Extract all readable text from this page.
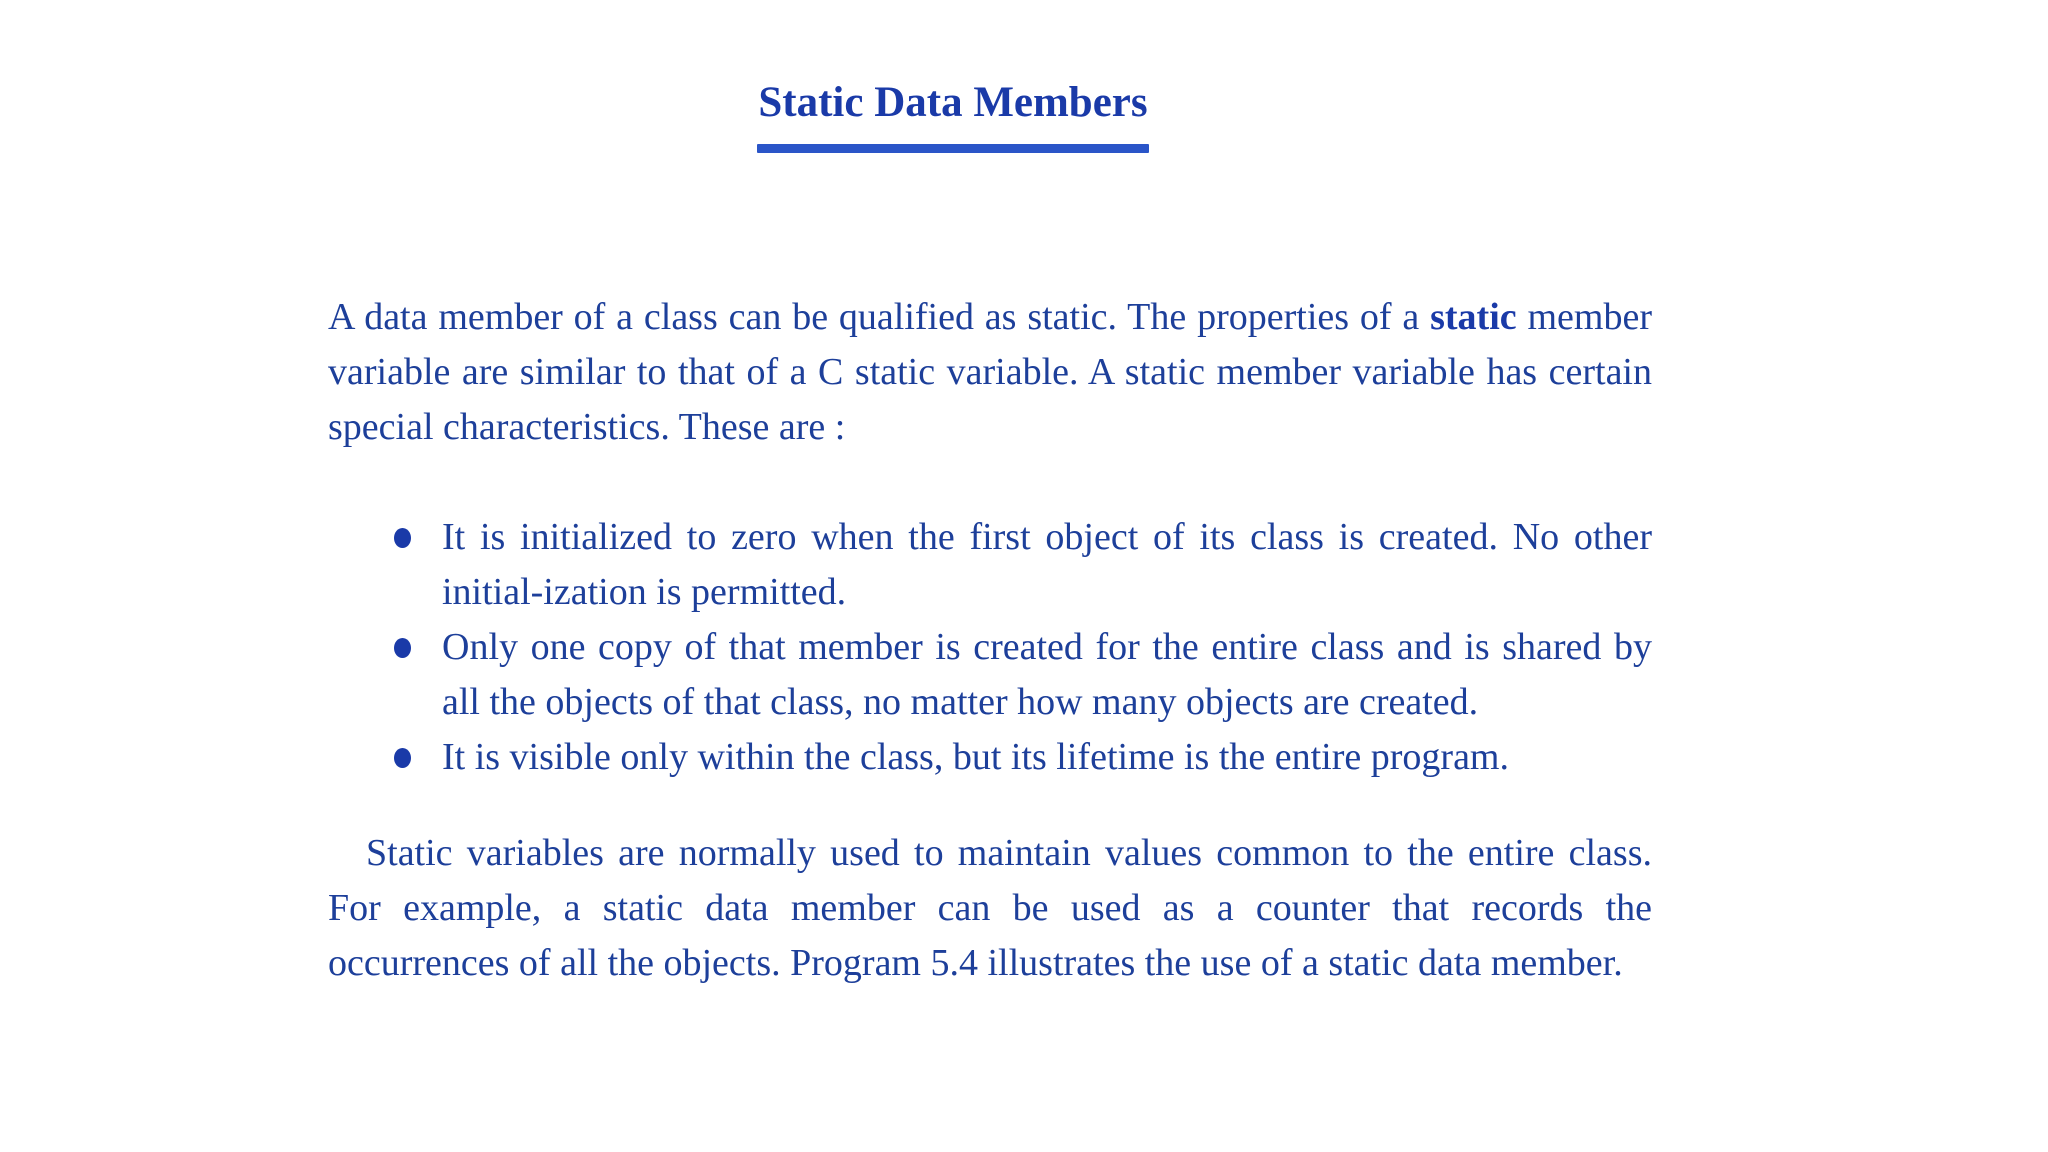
Static Data Members

A data member of a class can be qualified as static. The properties of a static member variable are similar to that of a C static variable. A static member variable has certain special characteristics. These are :

It is initialized to zero when the first object of its class is created. No other initial-ization is permitted.
Only one copy of that member is created for the entire class and is shared by all the objects of that class, no matter how many objects are created.
It is visible only within the class, but its lifetime is the entire program.

Static variables are normally used to maintain values common to the entire class. For example, a static data member can be used as a counter that records the occurrences of all the objects. Program 5.4 illustrates the use of a static data member.
